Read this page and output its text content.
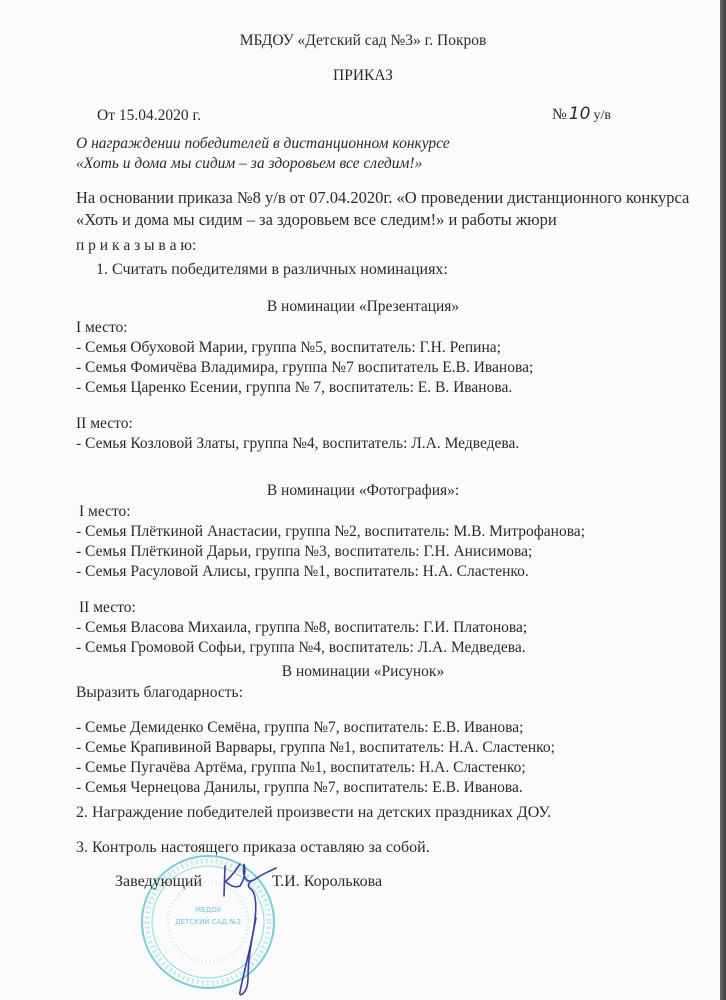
МБДОУ «Детский сад №3» г. Покров
ПРИКАЗ
От 15.04.2020 г.	№ 10 у/в
О награждении победителей в дистанционном конкурсе
«Хоть и дома мы сидим – за здоровьем все следим!»
На основании приказа №8 у/в от 07.04.2020г. «О проведении дистанционного конкурса
«Хоть и дома мы сидим – за здоровьем все следим!» и работы жюри
п р и к а з ы в а ю:
1. Считать победителями в различных номинациях:
В номинации «Презентация»
I место:
- Семья Обуховой Марии, группа №5, воспитатель: Г.Н. Репина;
- Семья Фомичёва Владимира, группа №7 воспитатель Е.В. Иванова;
- Семья Царенко Есении, группа № 7, воспитатель: Е. В. Иванова.
II место:
- Семья Козловой Златы, группа №4, воспитатель: Л.А. Медведева.
В номинации «Фотография»:
I место:
- Семья Плёткиной Анастасии, группа №2, воспитатель: М.В. Митрофанова;
- Семья Плёткиной Дарьи, группа №3, воспитатель: Г.Н. Анисимова;
- Семья Расуловой Алисы, группа №1, воспитатель: Н.А. Сластенко.
II место:
- Семья Власова Михаила, группа №8, воспитатель: Г.И. Платонова;
- Семья Громовой Софьи, группа №4, воспитатель: Л.А. Медведева.
В номинации «Рисунок»
Выразить благодарность:
- Семье Демиденко Семёна, группа №7, воспитатель: Е.В. Иванова;
- Семье Крапивиной Варвары, группа №1, воспитатель: Н.А. Сластенко;
- Семье Пугачёва Артёма, группа №1, воспитатель: Н.А. Сластенко;
- Семья Чернецова Данилы, группа №7, воспитатель: Е.В. Иванова.
2. Награждение победителей произвести на детских праздниках ДОУ.
3. Контроль настоящего приказа оставляю за собой.
МБДОУ
ДЕТСКИЙ САД №3
Заведующий	Т.И. Королькова
